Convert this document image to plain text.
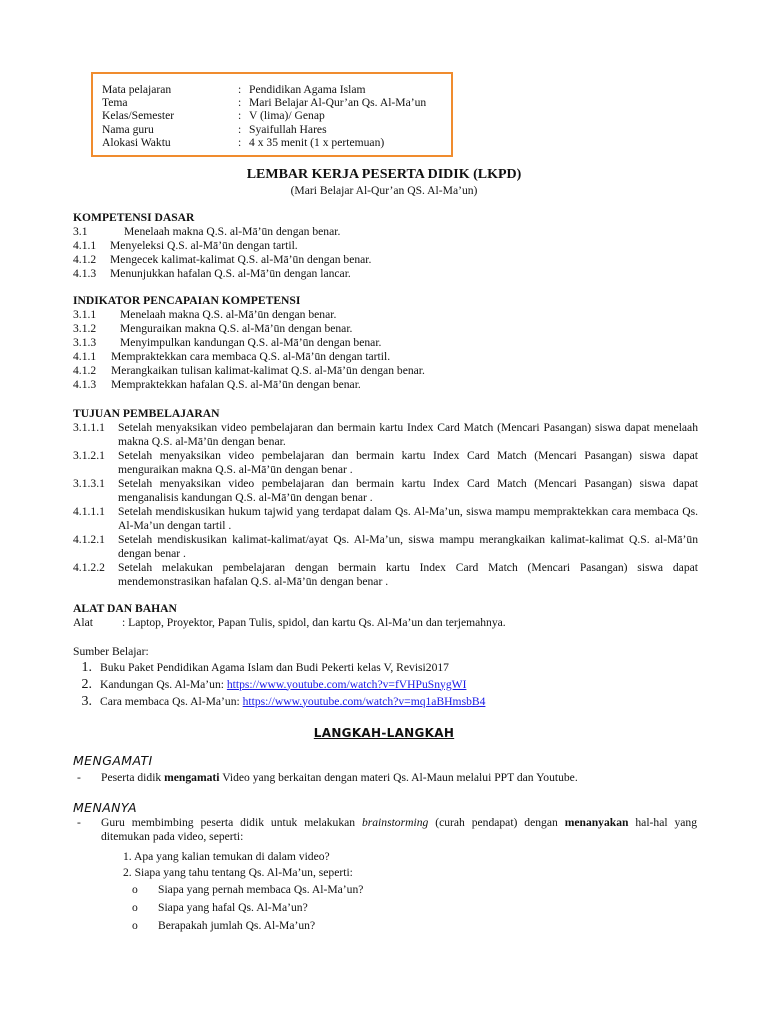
Mata pelajaran	: Pendidikan Agama Islam
Tema	: Mari Belajar Al-Qur’an Qs. Al-Ma’un
Kelas/Semester	: V (lima)/ Genap
Nama guru	: Syaifullah Hares
Alokasi Waktu	: 4 x 35 menit (1 x pertemuan)
LEMBAR KERJA PESERTA DIDIK (LKPD)
(Mari Belajar Al-Qur’an QS. Al-Ma’un)
KOMPETENSI DASAR
3.1	Menelaah makna Q.S. al-Mā’ūn dengan benar.
4.1.1	Menyeleksi Q.S. al-Mā’ūn dengan tartil.
4.1.2	Mengecek kalimat-kalimat Q.S. al-Mā’ūn dengan benar.
4.1.3	Menunjukkan hafalan Q.S. al-Mā’ūn dengan lancar.
INDIKATOR PENCAPAIAN KOMPETENSI
3.1.1	Menelaah makna Q.S. al-Mā’ūn dengan benar.
3.1.2	Menguraikan makna Q.S. al-Mā’ūn dengan benar.
3.1.3	Menyimpulkan kandungan Q.S. al-Mā’ūn dengan benar.
4.1.1	Mempraktekkan cara membaca Q.S. al-Mā’ūn dengan tartil.
4.1.2	Merangkaikan tulisan kalimat-kalimat Q.S. al-Mā’ūn dengan benar.
4.1.3	Mempraktekkan hafalan Q.S. al-Mā’ūn dengan benar.
TUJUAN PEMBELAJARAN
3.1.1.1	Setelah menyaksikan video pembelajaran dan bermain kartu Index Card Match (Mencari Pasangan) siswa dapat menelaah makna Q.S. al-Mā’ūn dengan benar.
3.1.2.1	Setelah menyaksikan video pembelajaran dan bermain kartu Index Card Match (Mencari Pasangan) siswa dapat menguraikan makna Q.S. al-Mā’ūn dengan benar .
3.1.3.1	Setelah menyaksikan video pembelajaran dan bermain kartu Index Card Match (Mencari Pasangan) siswa dapat menganalisis kandungan Q.S. al-Mā’ūn dengan benar .
4.1.1.1	Setelah mendiskusikan hukum tajwid yang terdapat dalam Qs. Al-Ma’un, siswa mampu mempraktekkan cara membaca Qs. Al-Ma’un dengan tartil .
4.1.2.1	Setelah mendiskusikan kalimat-kalimat/ayat Qs. Al-Ma’un, siswa mampu merangkaikan kalimat-kalimat Q.S. al-Mā’ūn dengan benar .
4.1.2.2	Setelah melakukan pembelajaran dengan bermain kartu Index Card Match (Mencari Pasangan) siswa dapat mendemonstrasikan hafalan Q.S. al-Mā’ūn dengan benar .
ALAT DAN BAHAN
Alat	: Laptop, Proyektor, Papan Tulis, spidol, dan kartu Qs. Al-Ma’un dan terjemahnya.
Sumber Belajar:
1. Buku Paket Pendidikan Agama Islam dan Budi Pekerti kelas V, Revisi2017
2. Kandungan Qs. Al-Ma’un: https://www.youtube.com/watch?v=fVHPuSnygWI
3. Cara membaca Qs. Al-Ma’un: https://www.youtube.com/watch?v=mq1aBHmsbB4
LANGKAH-LANGKAH
MENGAMATI
-	Peserta didik mengamati Video yang berkaitan dengan materi Qs. Al-Maun melalui PPT dan Youtube.
MENANYA
-	Guru membimbing peserta didik untuk melakukan brainstorming (curah pendapat) dengan menanyakan hal-hal yang ditemukan pada video, seperti:
1. Apa yang kalian temukan di dalam video?
2. Siapa yang tahu tentang Qs. Al-Ma’un, seperti:
o	Siapa yang pernah membaca Qs. Al-Ma’un?
o	Siapa yang hafal Qs. Al-Ma’un?
o	Berapakah jumlah Qs. Al-Ma’un?
